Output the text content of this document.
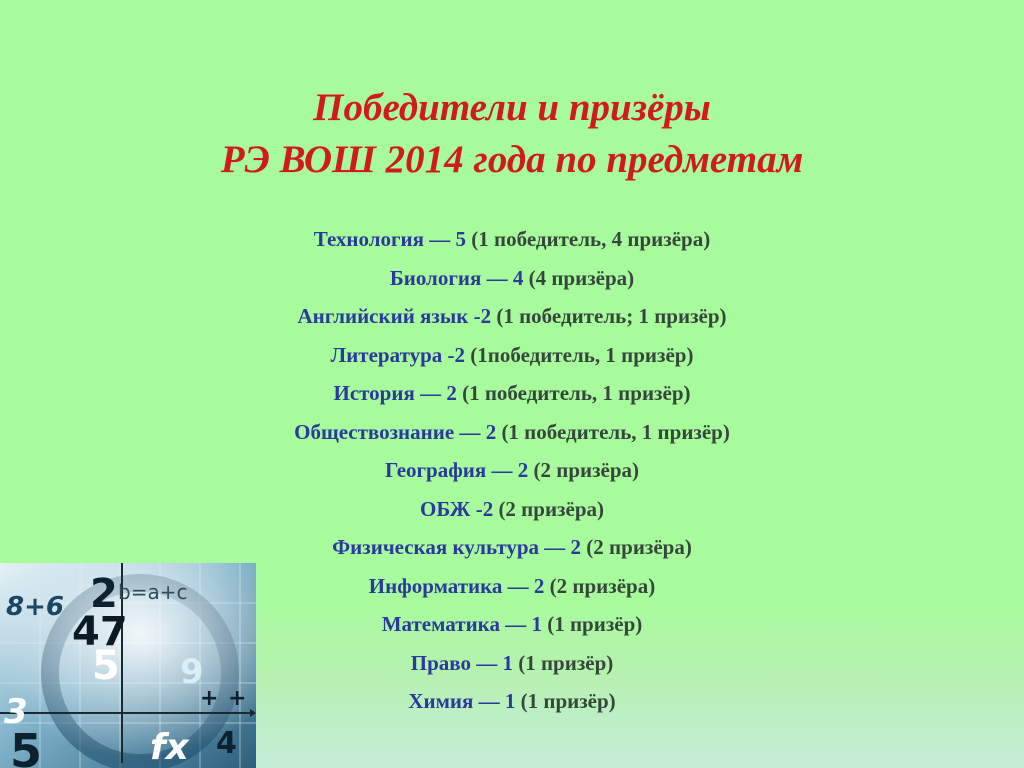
Победители и призёры
РЭ ВОШ 2014 года по предметам
8+6 2 b=a+c
47
5
3
5
9
fx 4
+ +
Технология — 5 (1 победитель, 4 призёра)
Биология — 4 (4 призёра)
Английский язык -2 (1 победитель; 1 призёр)
Литература -2 (1победитель, 1 призёр)
История — 2 (1 победитель, 1 призёр)
Обществознание — 2 (1 победитель, 1 призёр)
География — 2 (2 призёра)
ОБЖ -2 (2 призёра)
Физическая культура — 2 (2 призёра)
Информатика — 2 (2 призёра)
Математика — 1 (1 призёр)
Право — 1 (1 призёр)
Химия — 1 (1 призёр)
